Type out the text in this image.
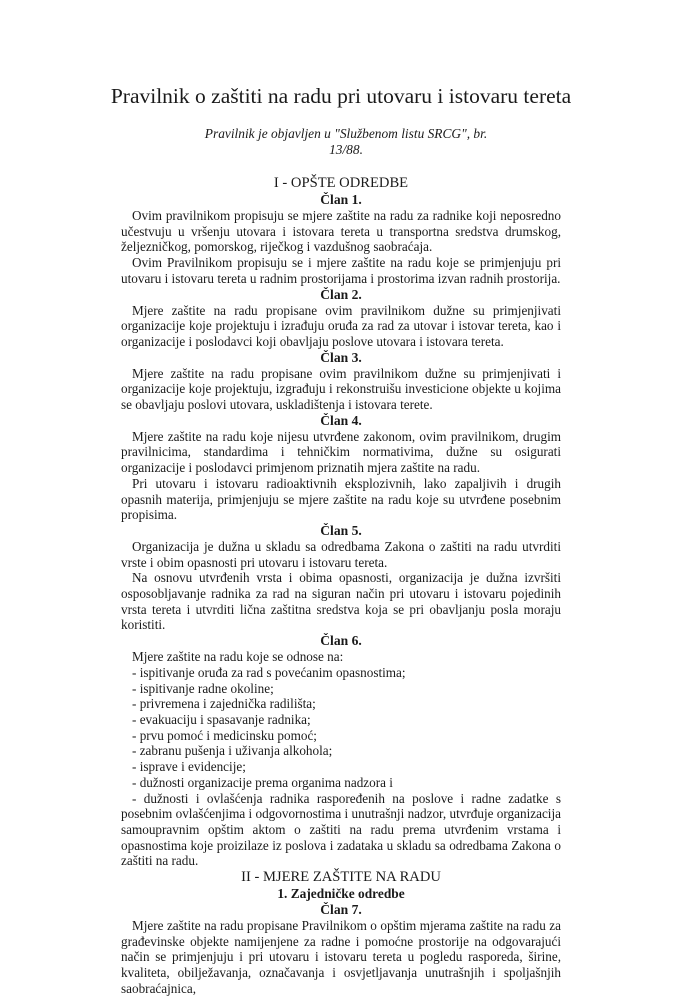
Pravilnik o zaštiti na radu pri utovaru i istovaru tereta
Pravilnik je objavljen u "Službenom listu SRCG", br.
13/88.
I - OPŠTE ODREDBE
Član 1.
Ovim pravilnikom propisuju se mjere zaštite na radu za radnike koji neposredno učestvuju u vršenju utovara i istovara tereta u transportna sredstva drumskog, željezničkog, pomorskog, riječkog i vazdušnog saobraćaja.
Ovim Pravilnikom propisuju se i mjere zaštite na radu koje se primjenjuju pri utovaru i istovaru tereta u radnim prostorijama i prostorima izvan radnih prostorija.
Član 2.
Mjere zaštite na radu propisane ovim pravilnikom dužne su primjenjivati organizacije koje projektuju i izrađuju oruđa za rad za utovar i istovar tereta, kao i organizacije i poslodavci koji obavljaju poslove utovara i istovara tereta.
Član 3.
Mjere zaštite na radu propisane ovim pravilnikom dužne su primjenjivati i organizacije koje projektuju, izgrađuju i rekonstruišu investicione objekte u kojima se obavljaju poslovi utovara, uskladištenja i istovara terete.
Član 4.
Mjere zaštite na radu koje nijesu utvrđene zakonom, ovim pravilnikom, drugim pravilnicima, standardima i tehničkim normativima, dužne su osigurati organizacije i poslodavci primjenom priznatih mjera zaštite na radu.
Pri utovaru i istovaru radioaktivnih eksplozivnih, lako zapaljivih i drugih opasnih materija, primjenjuju se mjere zaštite na radu koje su utvrđene posebnim propisima.
Član 5.
Organizacija je dužna u skladu sa odredbama Zakona o zaštiti na radu utvrditi vrste i obim opasnosti pri utovaru i istovaru tereta.
Na osnovu utvrđenih vrsta i obima opasnosti, organizacija je dužna izvršiti osposobljavanje radnika za rad na siguran način pri utovaru i istovaru pojedinih vrsta tereta i utvrditi lična zaštitna sredstva koja se pri obavljanju posla moraju koristiti.
Član 6.
Mjere zaštite na radu koje se odnose na:
- ispitivanje oruđa za rad s povećanim opasnostima;
- ispitivanje radne okoline;
- privremena i zajednička radilišta;
- evakuaciju i spasavanje radnika;
- prvu pomoć i medicinsku pomoć;
- zabranu pušenja i uživanja alkohola;
- isprave i evidencije;
- dužnosti organizacije prema organima nadzora i
- dužnosti i ovlašćenja radnika raspoređenih na poslove i radne zadatke s posebnim ovlašćenjima i odgovornostima i unutrašnji nadzor, utvrđuje organizacija samoupravnim opštim aktom o zaštiti na radu prema utvrđenim vrstama i opasnostima koje proizilaze iz poslova i zadataka u skladu sa odredbama Zakona o zaštiti na radu.
II - MJERE ZAŠTITE NA RADU
1. Zajedničke odredbe
Član 7.
Mjere zaštite na radu propisane Pravilnikom o opštim mjerama zaštite na radu za građevinske objekte namijenjene za radne i pomoćne prostorije na odgovarajući način se primjenjuju i pri utovaru i istovaru tereta u pogledu rasporeda, širine, kvaliteta, obilježavanja, označavanja i osvjetljavanja unutrašnjih i spoljašnjih saobraćajnica,
